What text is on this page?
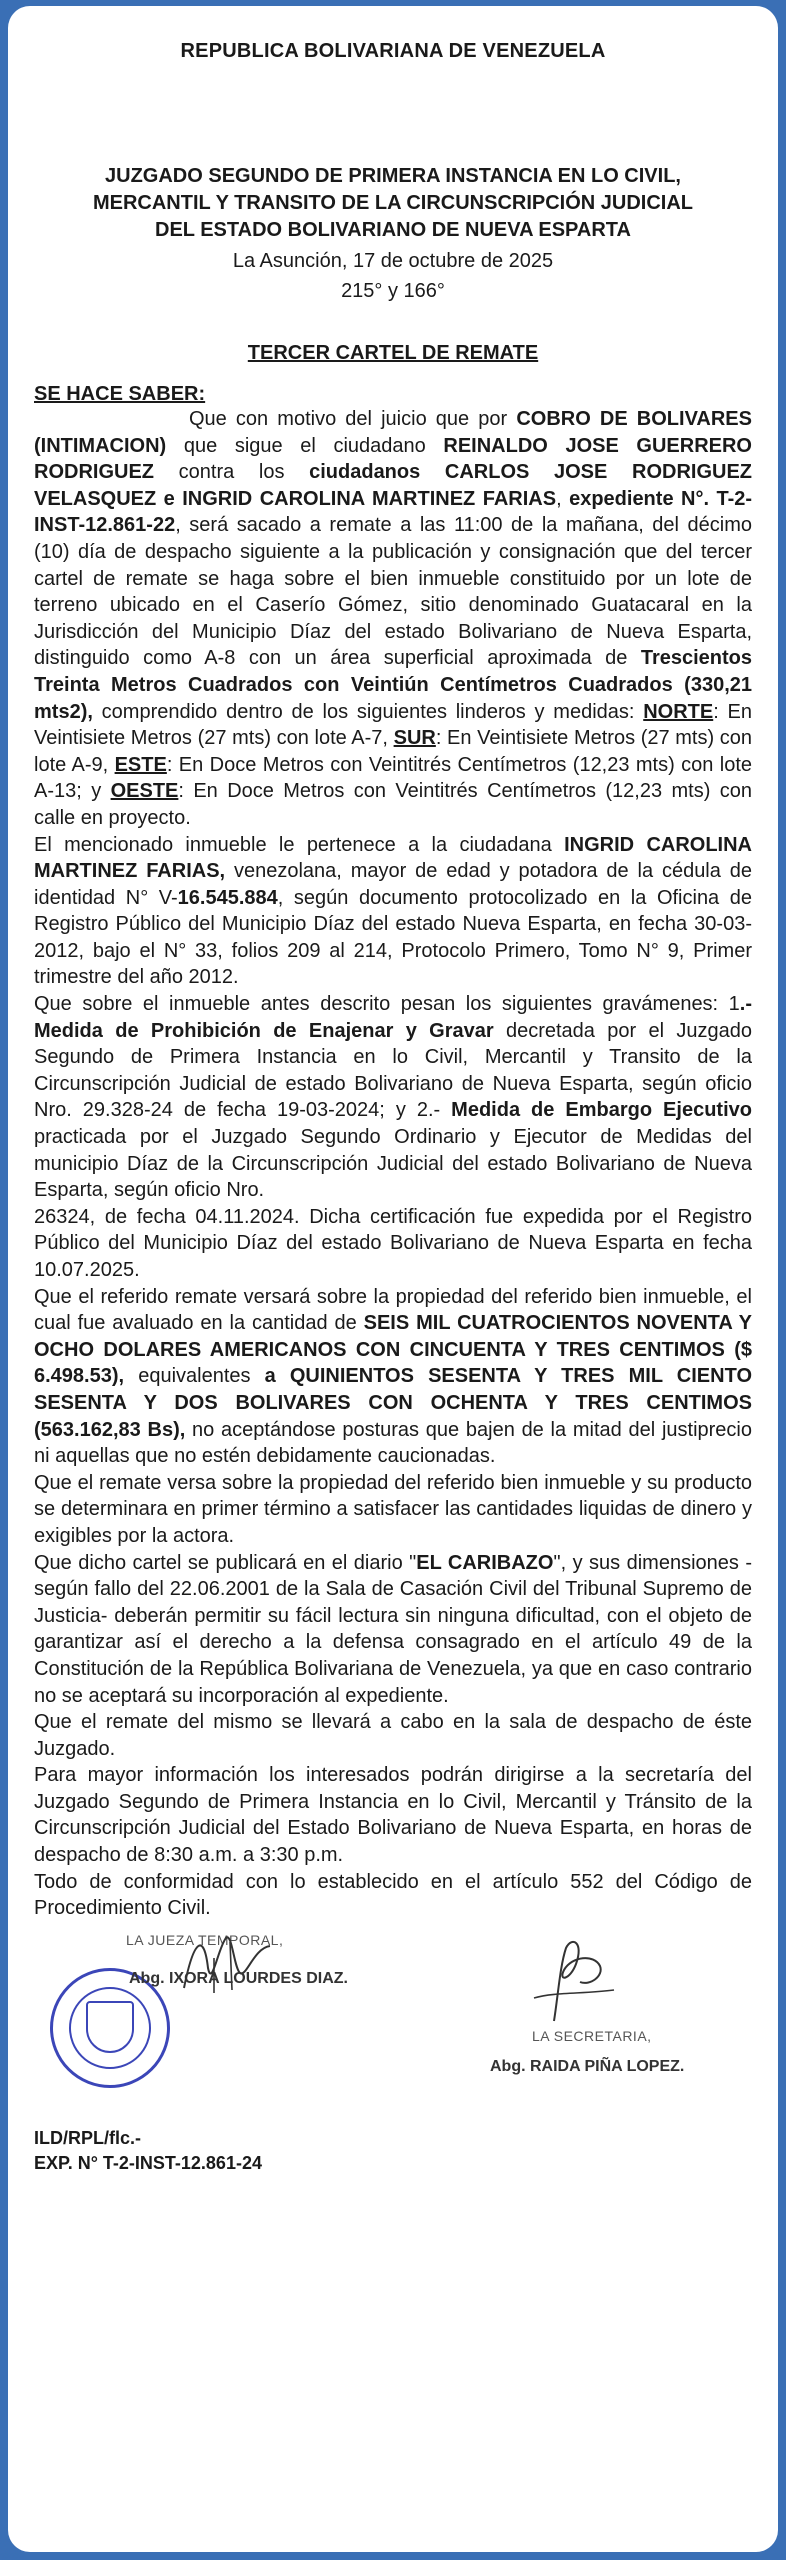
REPUBLICA BOLIVARIANA DE VENEZUELA
JUZGADO SEGUNDO DE PRIMERA INSTANCIA EN LO CIVIL,
MERCANTIL Y TRANSITO DE LA CIRCUNSCRIPCIÓN JUDICIAL
DEL ESTADO BOLIVARIANO DE NUEVA ESPARTA
La Asunción, 17 de octubre de 2025
215° y 166°
TERCER CARTEL DE REMATE
SE HACE SABER:

Que con motivo del juicio que por COBRO DE BOLIVARES (INTIMACION) que sigue el ciudadano REINALDO JOSE GUERRERO RODRIGUEZ contra los ciudadanos CARLOS JOSE RODRIGUEZ VELASQUEZ e INGRID CAROLINA MARTINEZ FARIAS, expediente N°. T-2-INST-12.861-22, será sacado a remate a las 11:00 de la mañana, del décimo (10) día de despacho siguiente a la publicación y consignación que del tercer cartel de remate se haga sobre el bien inmueble constituido por un lote de terreno ubicado en el Caserío Gómez, sitio denominado Guatacaral en la Jurisdicción del Municipio Díaz del estado Bolivariano de Nueva Esparta, distinguido como A-8 con un área superficial aproximada de Trescientos Treinta Metros Cuadrados con Veintiún Centímetros Cuadrados (330,21 mts2), comprendido dentro de los siguientes linderos y medidas: NORTE: En Veintisiete Metros (27 mts) con lote A-7, SUR: En Veintisiete Metros (27 mts) con lote A-9, ESTE: En Doce Metros con Veintitrés Centímetros (12,23 mts) con lote A-13; y OESTE: En Doce Metros con Veintitrés Centímetros (12,23 mts) con calle en proyecto.

El mencionado inmueble le pertenece a la ciudadana INGRID CAROLINA MARTINEZ FARIAS, venezolana, mayor de edad y potadora de la cédula de identidad N° V-16.545.884, según documento protocolizado en la Oficina de Registro Público del Municipio Díaz del estado Nueva Esparta, en fecha 30-03-2012, bajo el N° 33, folios 209 al 214, Protocolo Primero, Tomo N° 9, Primer trimestre del año 2012.

Que sobre el inmueble antes descrito pesan los siguientes gravámenes: 1.- Medida de Prohibición de Enajenar y Gravar decretada por el Juzgado Segundo de Primera Instancia en lo Civil, Mercantil y Transito de la Circunscripción Judicial de estado Bolivariano de Nueva Esparta, según oficio Nro. 29.328-24 de fecha 19-03-2024; y 2.- Medida de Embargo Ejecutivo practicada por el Juzgado Segundo Ordinario y Ejecutor de Medidas del municipio Díaz de la Circunscripción Judicial del estado Bolivariano de Nueva Esparta, según oficio Nro.

26324, de fecha 04.11.2024. Dicha certificación fue expedida por el Registro Público del Municipio Díaz del estado Bolivariano de Nueva Esparta en fecha 10.07.2025.

Que el referido remate versará sobre la propiedad del referido bien inmueble, el cual fue avaluado en la cantidad de SEIS MIL CUATROCIENTOS NOVENTA Y OCHO DOLARES AMERICANOS CON CINCUENTA Y TRES CENTIMOS ($ 6.498.53), equivalentes a QUINIENTOS SESENTA Y TRES MIL CIENTO SESENTA Y DOS BOLIVARES CON OCHENTA Y TRES CENTIMOS (563.162,83 Bs), no aceptándose posturas que bajen de la mitad del justiprecio ni aquellas que no estén debidamente caucionadas.

Que el remate versa sobre la propiedad del referido bien inmueble y su producto se determinara en primer término a satisfacer las cantidades liquidas de dinero y exigibles por la actora.

Que dicho cartel se publicará en el diario "EL CARIBAZO", y sus dimensiones -según fallo del 22.06.2001 de la Sala de Casación Civil del Tribunal Supremo de Justicia- deberán permitir su fácil lectura sin ninguna dificultad, con el objeto de garantizar así el derecho a la defensa consagrado en el artículo 49 de la Constitución de la República Bolivariana de Venezuela, ya que en caso contrario no se aceptará su incorporación al expediente.

Que el remate del mismo se llevará a cabo en la sala de despacho de éste Juzgado.

Para mayor información los interesados podrán dirigirse a la secretaría del Juzgado Segundo de Primera Instancia en lo Civil, Mercantil y Tránsito de la Circunscripción Judicial del Estado Bolivariano de Nueva Esparta, en horas de despacho de 8:30 a.m. a 3:30 p.m.

Todo de conformidad con lo establecido en el artículo 552 del Código de Procedimiento Civil.

LA JUEZA TEMPORAL,
Abg. IXORA LOURDES DIAZ.
LA SECRETARIA,
Abg. RAIDA PIÑA LOPEZ.
ILD/RPL/flc.-
EXP. N° T-2-INST-12.861-24
